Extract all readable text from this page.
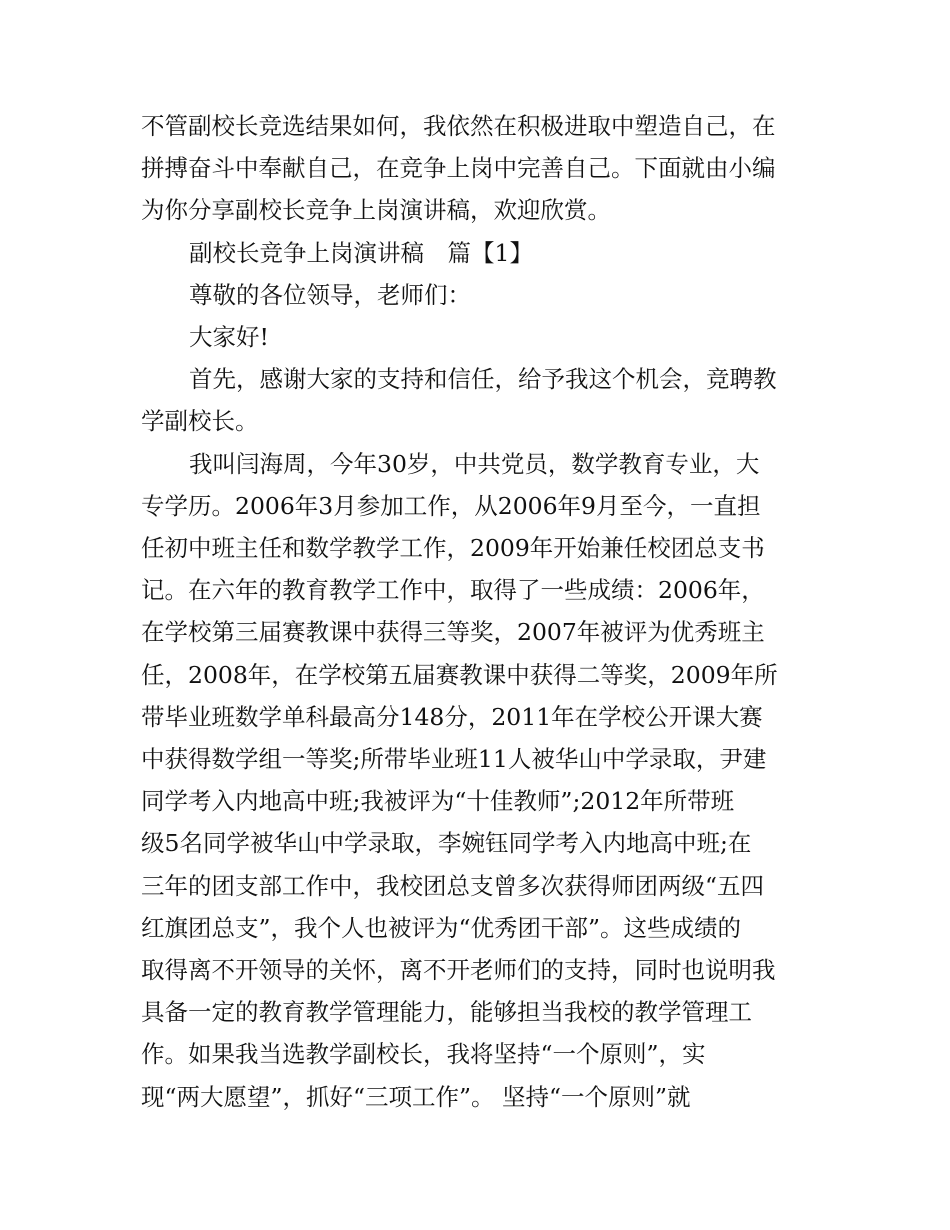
不管副校长竞选结果如何，我依然在积极进取中塑造自己，在
拼搏奋斗中奉献自己，在竞争上岗中完善自己。下面就由小编
为你分享副校长竞争上岗演讲稿，欢迎欣赏。

副校长竞争上岗演讲稿　篇【1】

尊敬的各位领导，老师们：

大家好!

首先，感谢大家的支持和信任，给予我这个机会，竞聘教
学副校长。

我叫闫海周，今年30岁，中共党员，数学教育专业，大
专学历。2006年3月参加工作，从2006年9月至今，一直担
任初中班主任和数学教学工作，2009年开始兼任校团总支书
记。在六年的教育教学工作中，取得了一些成绩：2006年，
在学校第三届赛教课中获得三等奖，2007年被评为优秀班主
任，2008年，在学校第五届赛教课中获得二等奖，2009年所
带毕业班数学单科最高分148分，2011年在学校公开课大赛
中获得数学组一等奖;所带毕业班11人被华山中学录取，尹建
同学考入内地高中班;我被评为“十佳教师”;2012年所带班
级5名同学被华山中学录取，李婉钰同学考入内地高中班;在
三年的团支部工作中，我校团总支曾多次获得师团两级“五四
红旗团总支”，我个人也被评为“优秀团干部”。这些成绩的
取得离不开领导的关怀，离不开老师们的支持，同时也说明我
具备一定的教育教学管理能力，能够担当我校的教学管理工
作。如果我当选教学副校长，我将坚持“一个原则”，实
现“两大愿望”，抓好“三项工作”。 坚持“一个原则”就
